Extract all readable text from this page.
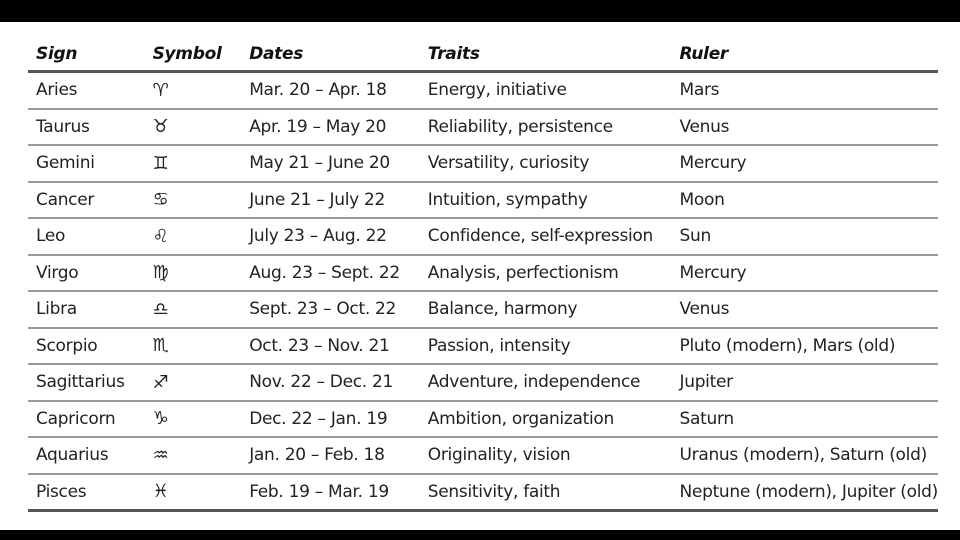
Sign	Symbol	Dates	Traits	Ruler
Aries	♈︎	Mar. 20 – Apr. 18	Energy, initiative	Mars
Taurus	♉︎	Apr. 19 – May 20	Reliability, persistence	Venus
Gemini	♊︎	May 21 – June 20	Versatility, curiosity	Mercury
Cancer	♋︎	June 21 – July 22	Intuition, sympathy	Moon
Leo	♌︎	July 23 – Aug. 22	Confidence, self-expression	Sun
Virgo	♍︎	Aug. 23 – Sept. 22	Analysis, perfectionism	Mercury
Libra	♎︎	Sept. 23 – Oct. 22	Balance, harmony	Venus
Scorpio	♏︎	Oct. 23 – Nov. 21	Passion, intensity	Pluto (modern), Mars (old)
Sagittarius	♐︎	Nov. 22 – Dec. 21	Adventure, independence	Jupiter
Capricorn	♑︎	Dec. 22 – Jan. 19	Ambition, organization	Saturn
Aquarius	♒︎	Jan. 20 – Feb. 18	Originality, vision	Uranus (modern), Saturn (old)
Pisces	♓︎	Feb. 19 – Mar. 19	Sensitivity, faith	Neptune (modern), Jupiter (old)
